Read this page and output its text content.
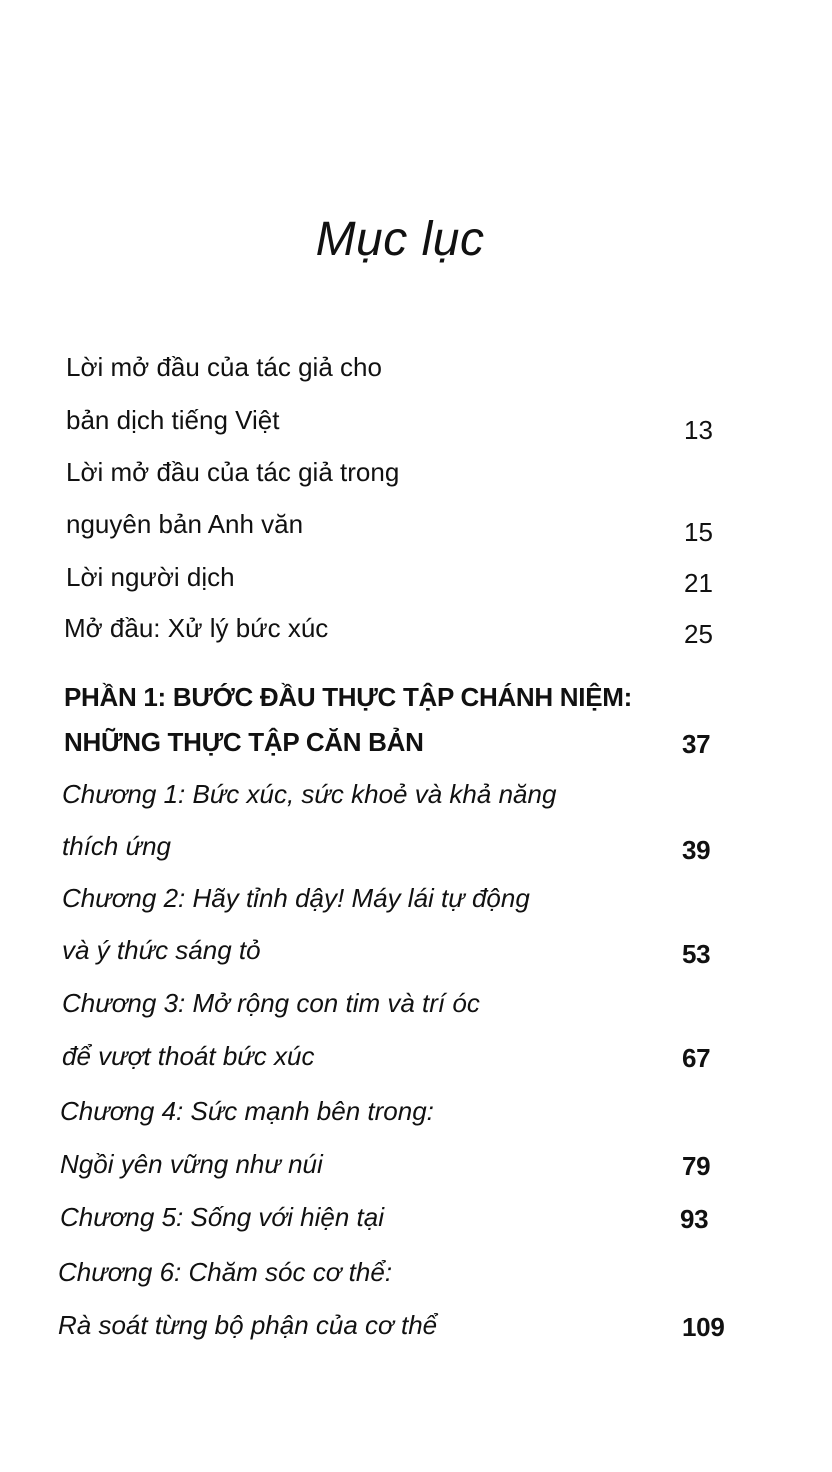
Mục lục
Lời mở đầu của tác giả cho
bản dịch tiếng Việt	13
Lời mở đầu của tác giả trong
nguyên bản Anh văn	15
Lời người dịch	21
Mở đầu: Xử lý bức xúc	25
PHẦN 1: BƯỚC ĐẦU THỰC TẬP CHÁNH NIỆM:
NHỮNG THỰC TẬP CĂN BẢN	37
Chương 1: Bức xúc, sức khoẻ và khả năng
thích ứng	39
Chương 2: Hãy tỉnh dậy! Máy lái tự động
và ý thức sáng tỏ	53
Chương 3: Mở rộng con tim và trí óc
để vượt thoát bức xúc	67
Chương 4: Sức mạnh bên trong:
Ngồi yên vững như núi	79
Chương 5: Sống với hiện tại	93
Chương 6: Chăm sóc cơ thể:
Rà soát từng bộ phận của cơ thể	109
